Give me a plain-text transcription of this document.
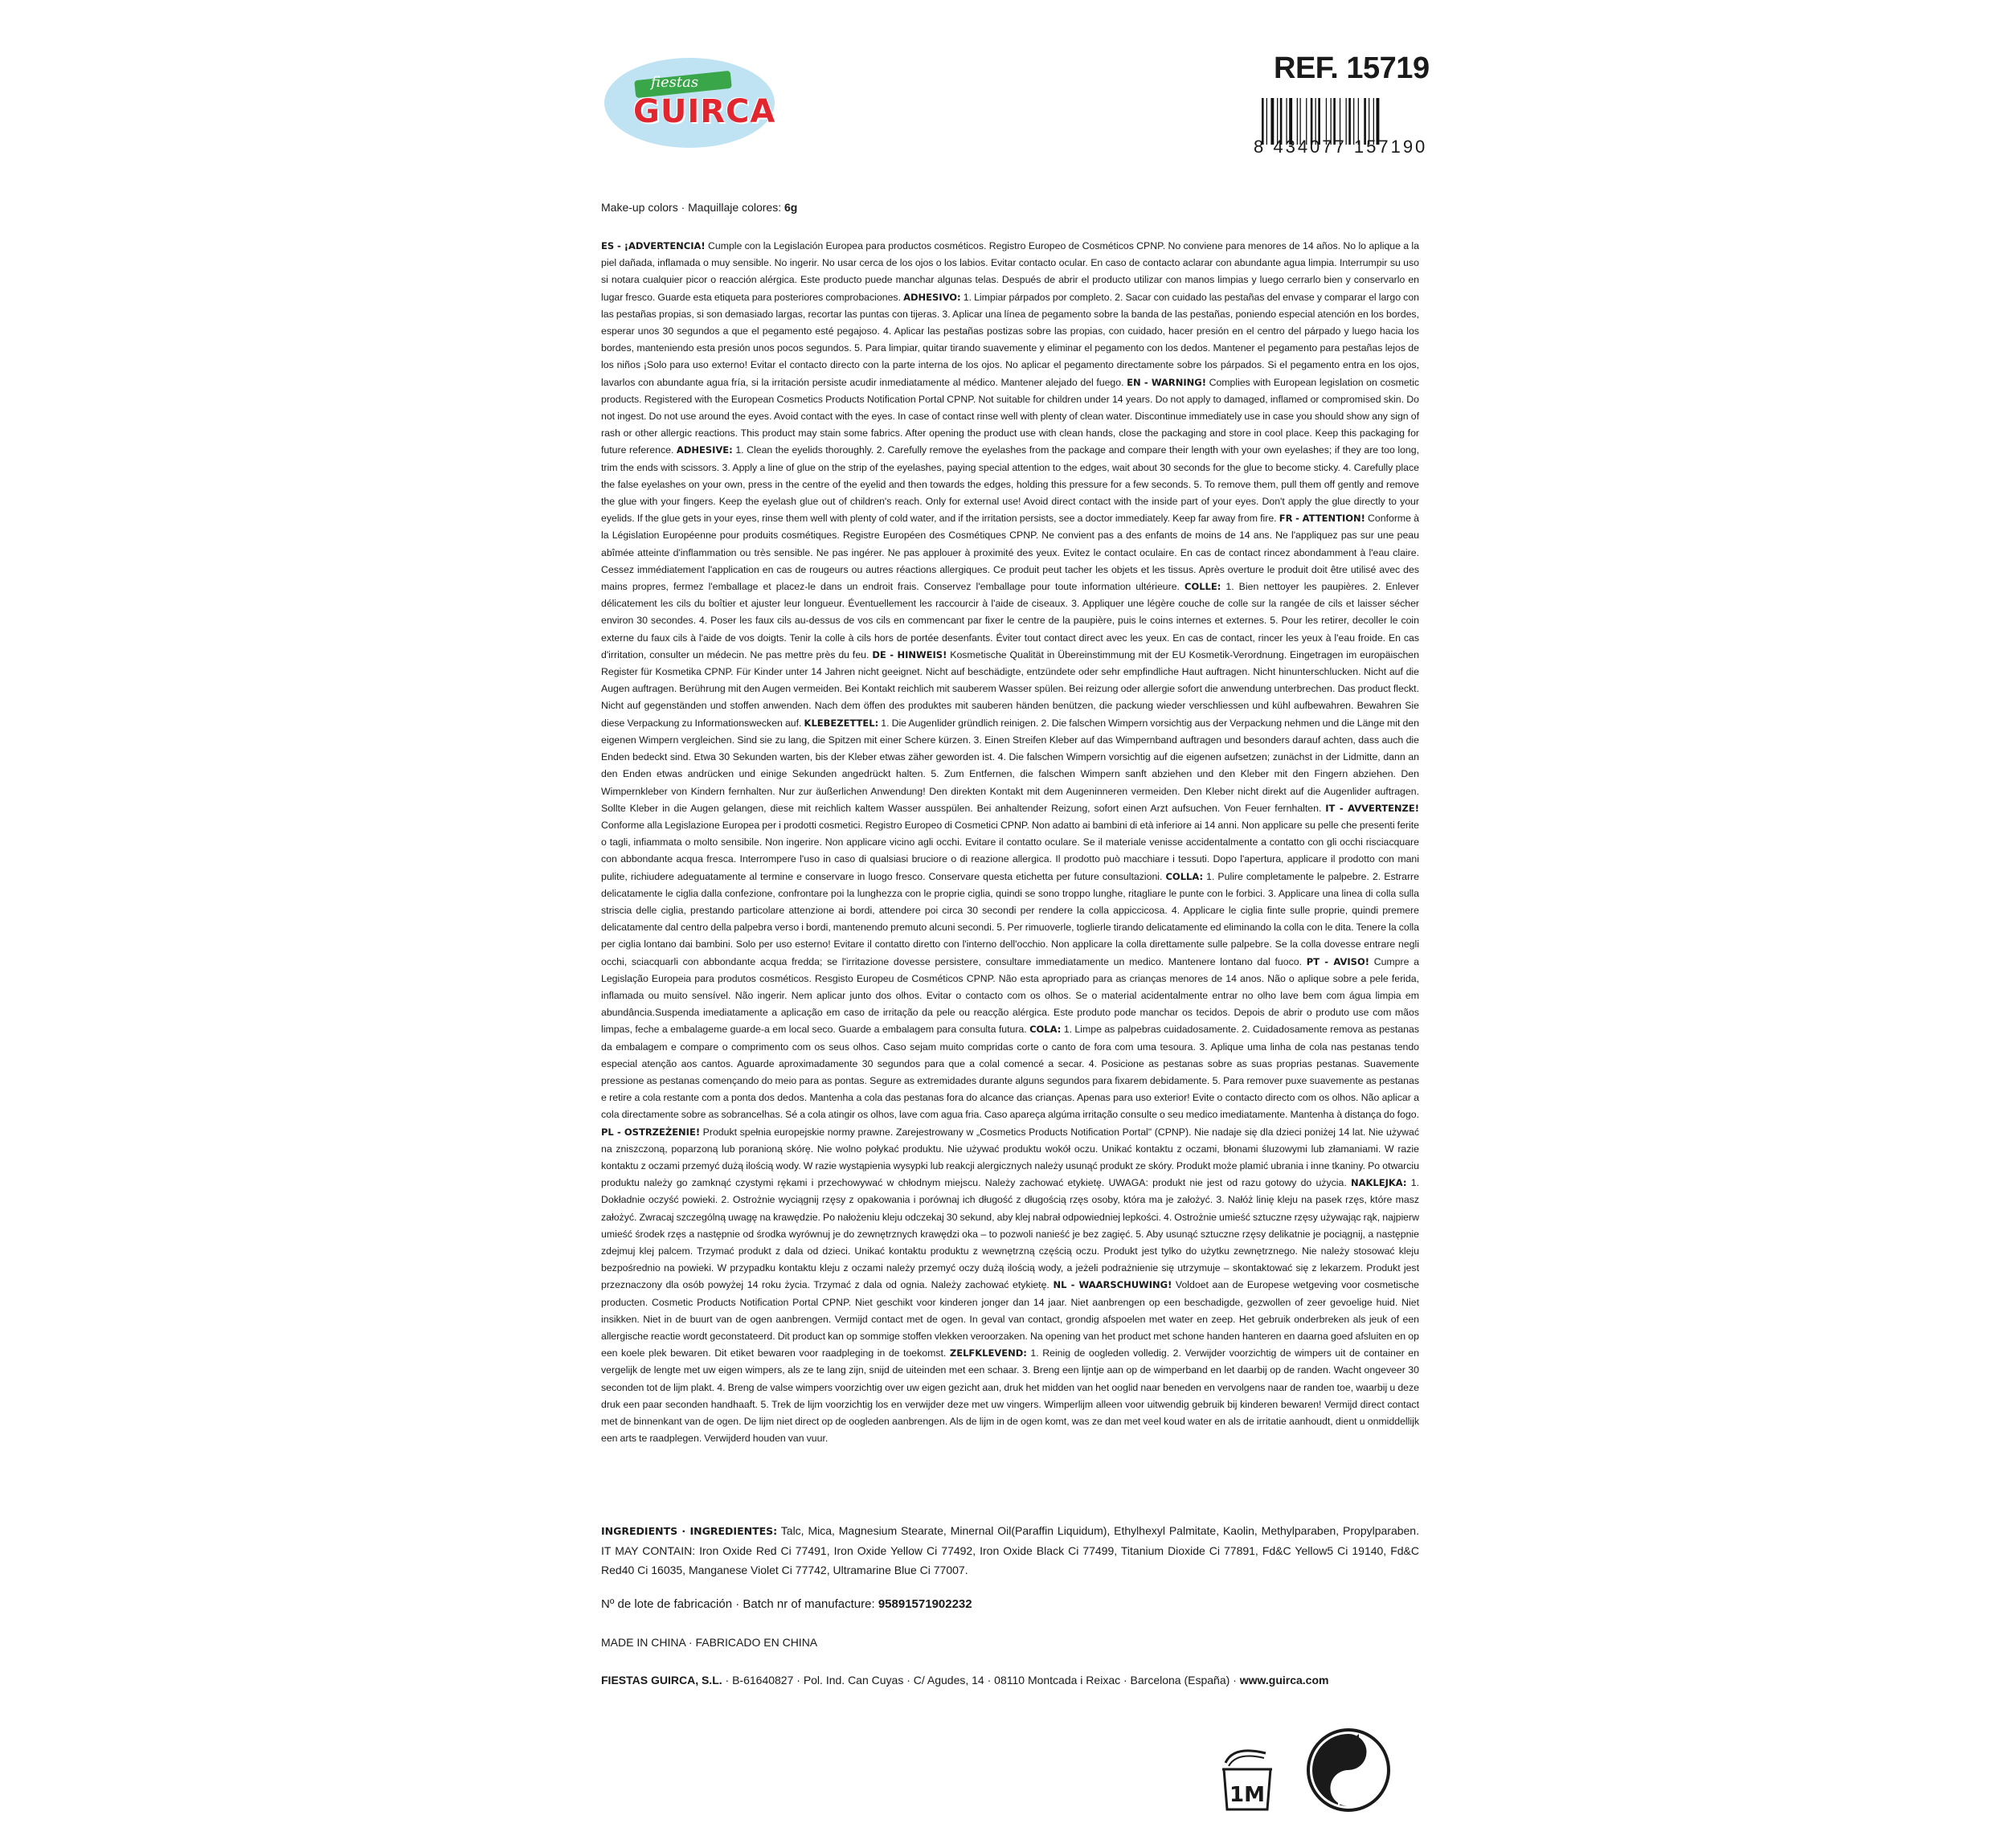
fiestas
GUIRCA
REF. 15719
8 434077 157190
Make-up colors · Maquillaje colores: 6g
ES - ¡ADVERTENCIA! Cumple con la Legislación Europea para productos cosméticos. Registro Europeo de Cosméticos CPNP. No conviene para menores de 14 años. No lo aplique a la piel dañada, inflamada o muy sensible. No ingerir. No usar cerca de los ojos o los labios. Evitar contacto ocular. En caso de contacto aclarar con abundante agua limpia. Interrumpir su uso si notara cualquier picor o reacción alérgica. Este producto puede manchar algunas telas. Después de abrir el producto utilizar con manos limpias y luego cerrarlo bien y conservarlo en lugar fresco. Guarde esta etiqueta para posteriores comprobaciones. ADHESIVO: 1. Limpiar párpados por completo. 2. Sacar con cuidado las pestañas del envase y comparar el largo con las pestañas propias, si son demasiado largas, recortar las puntas con tijeras. 3. Aplicar una línea de pegamento sobre la banda de las pestañas, poniendo especial atención en los bordes, esperar unos 30 segundos a que el pegamento esté pegajoso. 4. Aplicar las pestañas postizas sobre las propias, con cuidado, hacer presión en el centro del párpado y luego hacia los bordes, manteniendo esta presión unos pocos segundos. 5. Para limpiar, quitar tirando suavemente y eliminar el pegamento con los dedos. Mantener el pegamento para pestañas lejos de los niños ¡Solo para uso externo! Evitar el contacto directo con la parte interna de los ojos. No aplicar el pegamento directamente sobre los párpados. Si el pegamento entra en los ojos, lavarlos con abundante agua fría, si la irritación persiste acudir inmediatamente al médico. Mantener alejado del fuego. EN - WARNING! Complies with European legislation on cosmetic products. Registered with the European Cosmetics Products Notification Portal CPNP. Not suitable for children under 14 years. Do not apply to damaged, inflamed or compromised skin. Do not ingest. Do not use around the eyes. Avoid contact with the eyes. In case of contact rinse well with plenty of clean water. Discontinue immediately use in case you should show any sign of rash or other allergic reactions. This product may stain some fabrics. After opening the product use with clean hands, close the packaging and store in cool place. Keep this packaging for future reference. ADHESIVE: 1. Clean the eyelids thoroughly. 2. Carefully remove the eyelashes from the package and compare their length with your own eyelashes; if they are too long, trim the ends with scissors. 3. Apply a line of glue on the strip of the eyelashes, paying special attention to the edges, wait about 30 seconds for the glue to become sticky. 4. Carefully place the false eyelashes on your own, press in the centre of the eyelid and then towards the edges, holding this pressure for a few seconds. 5. To remove them, pull them off gently and remove the glue with your fingers. Keep the eyelash glue out of children's reach. Only for external use! Avoid direct contact with the inside part of your eyes. Don't apply the glue directly to your eyelids. If the glue gets in your eyes, rinse them well with plenty of cold water, and if the irritation persists, see a doctor immediately. Keep far away from fire. FR - ATTENTION! Conforme à la Législation Européenne pour produits cosmétiques. Registre Européen des Cosmétiques CPNP. Ne convient pas a des enfants de moins de 14 ans. Ne l'appliquez pas sur une peau abîmée atteinte d'inflammation ou très sensible. Ne pas ingérer. Ne pas applouer à proximité des yeux. Evitez le contact oculaire. En cas de contact rincez abondamment à l'eau claire. Cessez immédiatement l'application en cas de rougeurs ou autres réactions allergiques. Ce produit peut tacher les objets et les tissus. Après overture le produit doit être utilisé avec des mains propres, fermez l'emballage et placez-le dans un endroit frais. Conservez l'emballage pour toute information ultérieure. COLLE: 1. Bien nettoyer les paupières. 2. Enlever délicatement les cils du boîtier et ajuster leur longueur. Éventuellement les raccourcir à l'aide de ciseaux. 3. Appliquer une légère couche de colle sur la rangée de cils et laisser sécher environ 30 secondes. 4. Poser les faux cils au-dessus de vos cils en commencant par fixer le centre de la paupière, puis le coins internes et externes. 5. Pour les retirer, decoller le coin externe du faux cils à l'aide de vos doigts. Tenir la colle à cils hors de portée desenfants. Éviter tout contact direct avec les yeux. En cas de contact, rincer les yeux à l'eau froide. En cas d'irritation, consulter un médecin. Ne pas mettre près du feu. DE - HINWEIS! Kosmetische Qualität in Übereinstimmung mit der EU Kosmetik-Verordnung. Eingetragen im europäischen Register für Kosmetika CPNP. Für Kinder unter 14 Jahren nicht geeignet. Nicht auf beschädigte, entzündete oder sehr empfindliche Haut auftragen. Nicht hinunterschlucken. Nicht auf die Augen auftragen. Berührung mit den Augen vermeiden. Bei Kontakt reichlich mit sauberem Wasser spülen. Bei reizung oder allergie sofort die anwendung unterbrechen. Das product fleckt. Nicht auf gegenständen und stoffen anwenden. Nach dem öffen des produktes mit sauberen händen benützen, die packung wieder verschliessen und kühl aufbewahren. Bewahren Sie diese Verpackung zu Informationswecken auf. KLEBEZETTEL: 1. Die Augenlider gründlich reinigen. 2. Die falschen Wimpern vorsichtig aus der Verpackung nehmen und die Länge mit den eigenen Wimpern vergleichen. Sind sie zu lang, die Spitzen mit einer Schere kürzen. 3. Einen Streifen Kleber auf das Wimpernband auftragen und besonders darauf achten, dass auch die Enden bedeckt sind. Etwa 30 Sekunden warten, bis der Kleber etwas zäher geworden ist. 4. Die falschen Wimpern vorsichtig auf die eigenen aufsetzen; zunächst in der Lidmitte, dann an den Enden etwas andrücken und einige Sekunden angedrückt halten. 5. Zum Entfernen, die falschen Wimpern sanft abziehen und den Kleber mit den Fingern abziehen. Den Wimpernkleber von Kindern fernhalten. Nur zur äußerlichen Anwendung! Den direkten Kontakt mit dem Augeninneren vermeiden. Den Kleber nicht direkt auf die Augenlider auftragen. Sollte Kleber in die Augen gelangen, diese mit reichlich kaltem Wasser ausspülen. Bei anhaltender Reizung, sofort einen Arzt aufsuchen. Von Feuer fernhalten. IT - AVVERTENZE! Conforme alla Legislazione Europea per i prodotti cosmetici. Registro Europeo di Cosmetici CPNP. Non adatto ai bambini di età inferiore ai 14 anni. Non applicare su pelle che presenti ferite o tagli, infiammata o molto sensibile. Non ingerire. Non applicare vicino agli occhi. Evitare il contatto oculare. Se il materiale venisse accidentalmente a contatto con gli occhi risciacquare con abbondante acqua fresca. Interrompere l'uso in caso di qualsiasi bruciore o di reazione allergica. Il prodotto può macchiare i tessuti. Dopo l'apertura, applicare il prodotto con mani pulite, richiudere adeguatamente al termine e conservare in luogo fresco. Conservare questa etichetta per future consultazioni. COLLA: 1. Pulire completamente le palpebre. 2. Estrarre delicatamente le ciglia dalla confezione, confrontare poi la lunghezza con le proprie ciglia, quindi se sono troppo lunghe, ritagliare le punte con le forbici. 3. Applicare una linea di colla sulla striscia delle ciglia, prestando particolare attenzione ai bordi, attendere poi circa 30 secondi per rendere la colla appiccicosa. 4. Applicare le ciglia finte sulle proprie, quindi premere delicatamente dal centro della palpebra verso i bordi, mantenendo premuto alcuni secondi. 5. Per rimuoverle, toglierle tirando delicatamente ed eliminando la colla con le dita. Tenere la colla per ciglia lontano dai bambini. Solo per uso esterno! Evitare il contatto diretto con l'interno dell'occhio. Non applicare la colla direttamente sulle palpebre. Se la colla dovesse entrare negli occhi, sciacquarli con abbondante acqua fredda; se l'irritazione dovesse persistere, consultare immediatamente un medico. Mantenere lontano dal fuoco. PT - AVISO! Cumpre a Legislação Europeia para produtos cosméticos. Resgisto Europeu de Cosméticos CPNP. Não esta apropriado para as crianças menores de 14 anos. Não o aplique sobre a pele ferida, inflamada ou muito sensível. Não ingerir. Nem aplicar junto dos olhos. Evitar o contacto com os olhos. Se o material acidentalmente entrar no olho lave bem com água limpia em abundância.Suspenda imediatamente a aplicação em caso de irritação da pele ou reacção alérgica. Este produto pode manchar os tecidos. Depois de abrir o produto use com mãos limpas, feche a embalageme guarde-a em local seco. Guarde a embalagem para consulta futura. COLA: 1. Limpe as palpebras cuidadosamente. 2. Cuidadosamente remova as pestanas da embalagem e compare o comprimento com os seus olhos. Caso sejam muito compridas corte o canto de fora com uma tesoura. 3. Aplique uma linha de cola nas pestanas tendo especial atenção aos cantos. Aguarde aproximadamente 30 segundos para que a colal comencé a secar. 4. Posicione as pestanas sobre as suas proprias pestanas. Suavemente pressione as pestanas començando do meio para as pontas. Segure as extremidades durante alguns segundos para fixarem debidamente. 5. Para remover puxe suavemente as pestanas e retire a cola restante com a ponta dos dedos. Mantenha a cola das pestanas fora do alcance das crianças. Apenas para uso exterior! Evite o contacto directo com os olhos. Não aplicar a cola directamente sobre as sobrancelhas. Sé a cola atingir os olhos, lave com agua fria. Caso apareça algúma irritação consulte o seu medico imediatamente. Mantenha à distança do fogo. PL - OSTRZEŻENIE! Produkt spełnia europejskie normy prawne. Zarejestrowany w „Cosmetics Products Notification Portal" (CPNP). Nie nadaje się dla dzieci poniżej 14 lat. Nie używać na zniszczoną, poparzoną lub poranioną skórę. Nie wolno połykać produktu. Nie używać produktu wokół oczu. Unikać kontaktu z oczami, błonami śluzowymi lub złamaniami. W razie kontaktu z oczami przemyć dużą ilością wody. W razie wystąpienia wysypki lub reakcji alergicznych należy usunąć produkt ze skóry. Produkt może plamić ubrania i inne tkaniny. Po otwarciu produktu należy go zamknąć czystymi rękami i przechowywać w chłodnym miejscu. Należy zachować etykietę. UWAGA: produkt nie jest od razu gotowy do użycia. NAKLEJKA: 1. Dokładnie oczyść powieki. 2. Ostrożnie wyciągnij rzęsy z opakowania i porównaj ich długość z długością rzęs osoby, która ma je założyć. 3. Nałóż linię kleju na pasek rzęs, które masz założyć. Zwracaj szczególną uwagę na krawędzie. Po nałożeniu kleju odczekaj 30 sekund, aby klej nabrał odpowiedniej lepkości. 4. Ostrożnie umieść sztuczne rzęsy używając rąk, najpierw umieść środek rzęs a następnie od środka wyrównuj je do zewnętrznych krawędzi oka – to pozwoli nanieść je bez zagięć. 5. Aby usunąć sztuczne rzęsy delikatnie je pociągnij, a następnie zdejmuj klej palcem. Trzymać produkt z dala od dzieci. Unikać kontaktu produktu z wewnętrzną częścią oczu. Produkt jest tylko do użytku zewnętrznego. Nie należy stosować kleju bezpośrednio na powieki. W przypadku kontaktu kleju z oczami należy przemyć oczy dużą ilością wody, a jeżeli podrażnienie się utrzymuje – skontaktować się z lekarzem. Produkt jest przeznaczony dla osób powyżej 14 roku życia. Trzymać z dala od ognia. Należy zachować etykietę. NL - WAARSCHUWING! Voldoet aan de Europese wetgeving voor cosmetische producten. Cosmetic Products Notification Portal CPNP. Niet geschikt voor kinderen jonger dan 14 jaar. Niet aanbrengen op een beschadigde, gezwollen of zeer gevoelige huid. Niet insikken. Niet in de buurt van de ogen aanbrengen. Vermijd contact met de ogen. In geval van contact, grondig afspoelen met water en zeep. Het gebruik onderbreken als jeuk of een allergische reactie wordt geconstateerd. Dit product kan op sommige stoffen vlekken veroorzaken. Na opening van het product met schone handen hanteren en daarna goed afsluiten en op een koele plek bewaren. Dit etiket bewaren voor raadpleging in de toekomst. ZELFKLEVEND: 1. Reinig de oogleden volledig. 2. Verwijder voorzichtig de wimpers uit de container en vergelijk de lengte met uw eigen wimpers, als ze te lang zijn, snijd de uiteinden met een schaar. 3. Breng een lijntje aan op de wimperband en let daarbij op de randen. Wacht ongeveer 30 seconden tot de lijm plakt. 4. Breng de valse wimpers voorzichtig over uw eigen gezicht aan, druk het midden van het ooglid naar beneden en vervolgens naar de randen toe, waarbij u deze druk een paar seconden handhaaft. 5. Trek de lijm voorzichtig los en verwijder deze met uw vingers. Wimperlijm alleen voor uitwendig gebruik bij kinderen bewaren! Vermijd direct contact met de binnenkant van de ogen. De lijm niet direct op de oogleden aanbrengen. Als de lijm in de ogen komt, was ze dan met veel koud water en als de irritatie aanhoudt, dient u onmiddellijk een arts te raadplegen. Verwijderd houden van vuur.
INGREDIENTS · INGREDIENTES: Talc, Mica, Magnesium Stearate, Minernal Oil(Paraffin Liquidum), Ethylhexyl Palmitate, Kaolin, Methylparaben, Propylparaben. IT MAY CONTAIN: Iron Oxide Red Ci 77491, Iron Oxide Yellow Ci 77492, Iron Oxide Black Ci 77499, Titanium Dioxide Ci 77891, Fd&C Yellow5 Ci 19140, Fd&C Red40 Ci 16035, Manganese Violet Ci 77742, Ultramarine Blue Ci 77007.
Nº de lote de fabricación · Batch nr of manufacture: 95891571902232
MADE IN CHINA · FABRICADO EN CHINA
FIESTAS GUIRCA, S.L. · B-61640827 · Pol. Ind. Can Cuyas · C/ Agudes, 14 · 08110 Montcada i Reixac · Barcelona (España) · www.guirca.com
1M
